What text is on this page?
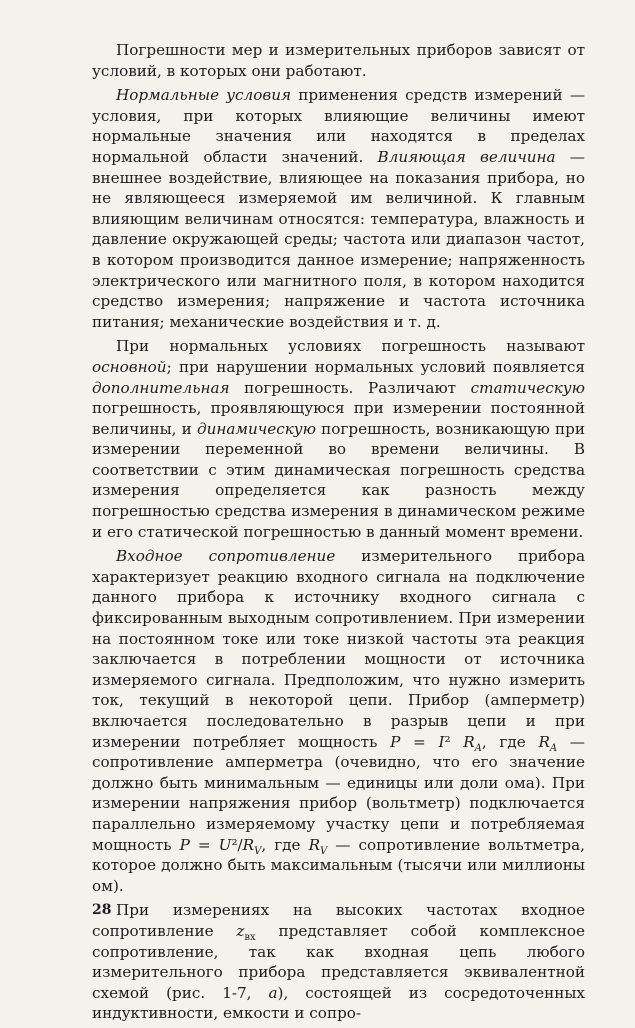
Погрешности мер и измерительных приборов зависят от условий, в которых они работают.

Нормальные условия применения средств измерений — условия, при которых влияющие величины имеют нормальные значения или находятся в пределах нормальной области значений. Влияющая величина — внешнее воздействие, влияющее на показания прибора, но не являющееся измеряемой им величиной. К главным влияющим величинам относятся: температура, влажность и давление окружающей среды; частота или диапазон частот, в котором производится данное измерение; напряженность электрического или магнитного поля, в котором находится средство измерения; напряжение и частота источника питания; механические воздействия и т. д.

При нормальных условиях погрешность называют основной; при нарушении нормальных условий появляется дополнительная погрешность. Различают статическую погрешность, проявляющуюся при измерении постоянной величины, и динамическую погрешность, возникающую при измерении переменной во времени величины. В соответствии с этим динамическая погрешность средства измерения определяется как разность между погрешностью средства измерения в динамическом режиме и его статической погрешностью в данный момент времени.

Входное сопротивление измерительного прибора характеризует реакцию входного сигнала на подключение данного прибора к источнику входного сигнала с фиксированным выходным сопротивлением. При измерении на постоянном токе или токе низкой частоты эта реакция заключается в потреблении мощности от источника измеряемого сигнала. Предположим, что нужно измерить ток, текущий в некоторой цепи. Прибор (амперметр) включается последовательно в разрыв цепи и при измерении потребляет мощность P = I² $R_A$, где $R_A$ — сопротивление амперметра (очевидно, что его значение должно быть минимальным — единицы или доли ома). При измерении напряжения прибор (вольтметр) подключается параллельно измеряемому участку цепи и потребляемая мощность $P = U^2/R_V$, где $R_V$ — сопротивление вольтметра, которое должно быть максимальным (тысячи или миллионы ом).

При измерениях на высоких частотах входное сопротивление $z_{вх}$ представляет собой комплексное сопротивление, так как входная цепь любого измерительного прибора представляется эквивалентной схемой (рис. 1-7, а), состоящей из сосредоточенных индуктивности, емкости и сопро-

28
